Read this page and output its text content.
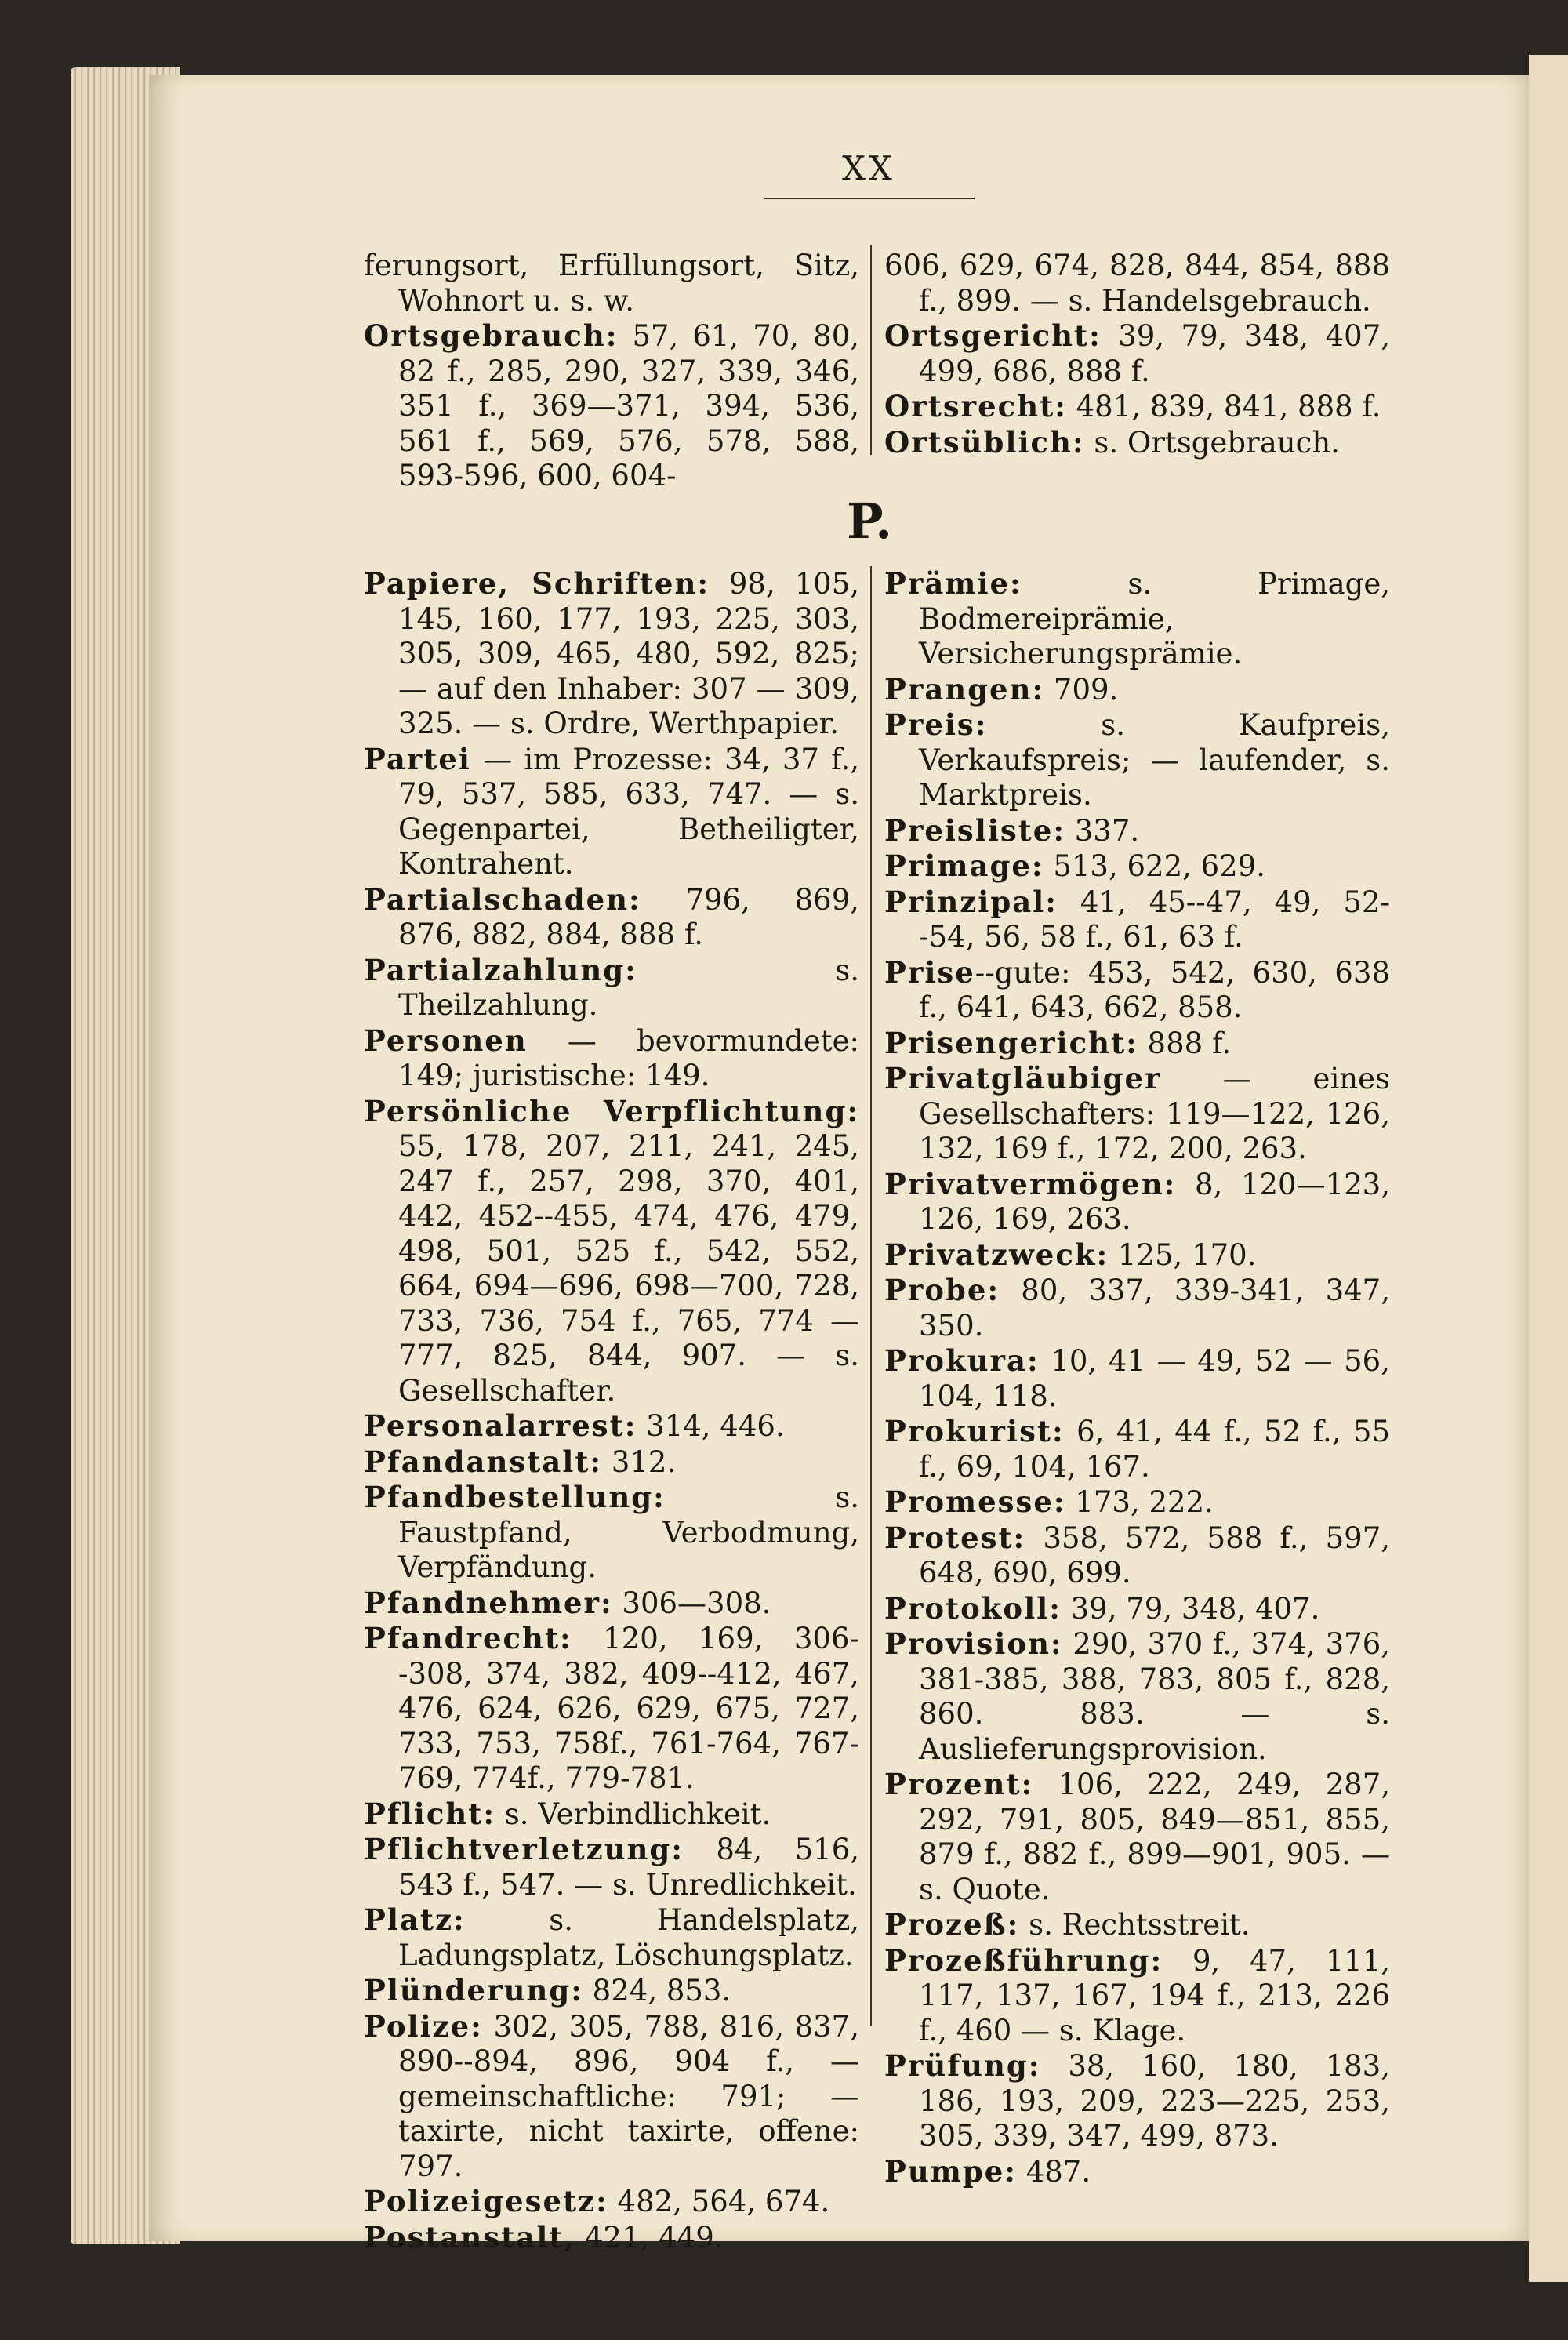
XX
ferungsort, Erfüllungsort, Sitz, Wohnort u. s. w.
Ortsgebrauch: 57, 61, 70, 80, 82 f., 285, 290, 327, 339, 346, 351 f., 369—371, 394, 536, 561 f., 569, 576, 578, 588, 593-596, 600, 604-
606, 629, 674, 828, 844, 854, 888 f., 899. — s. Handelsgebrauch.
Ortsgericht: 39, 79, 348, 407, 499, 686, 888 f.
Ortsrecht: 481, 839, 841, 888 f.
Ortsüblich: s. Ortsgebrauch.
P.
Papiere, Schriften: 98, 105, 145, 160, 177, 193, 225, 303, 305, 309, 465, 480, 592, 825; — auf den Inhaber: 307 — 309, 325. — s. Ordre, Werthpapier.
Partei — im Prozesse: 34, 37 f., 79, 537, 585, 633, 747. — s. Gegenpartei, Betheiligter, Kontrahent.
Partialschaden: 796, 869, 876, 882, 884, 888 f.
Partialzahlung: s. Theilzahlung.
Personen — bevormundete: 149; juristische: 149.
Persönliche Verpflichtung: 55, 178, 207, 211, 241, 245, 247 f., 257, 298, 370, 401, 442, 452--455, 474, 476, 479, 498, 501, 525 f., 542, 552, 664, 694—696, 698—700, 728, 733, 736, 754 f., 765, 774 — 777, 825, 844, 907. — s. Gesellschafter.
Personalarrest: 314, 446.
Pfandanstalt: 312.
Pfandbestellung: s. Faustpfand, Verbodmung, Verpfändung.
Pfandnehmer: 306—308.
Pfandrecht: 120, 169, 306--308, 374, 382, 409--412, 467, 476, 624, 626, 629, 675, 727, 733, 753, 758f., 761-764, 767-769, 774f., 779-781.
Pflicht: s. Verbindlichkeit.
Pflichtverletzung: 84, 516, 543 f., 547. — s. Unredlichkeit.
Platz: s. Handelsplatz, Ladungsplatz, Löschungsplatz.
Plünderung: 824, 853.
Polize: 302, 305, 788, 816, 837, 890--894, 896, 904 f., — gemeinschaftliche: 791; — taxirte, nicht taxirte, offene: 797.
Polizeigesetz: 482, 564, 674.
Postanstalt, 421, 449.
Prämie: s. Primage, Bodmereiprämie, Versicherungsprämie.
Prangen: 709.
Preis: s. Kaufpreis, Verkaufspreis; — laufender, s. Marktpreis.
Preisliste: 337.
Primage: 513, 622, 629.
Prinzipal: 41, 45--47, 49, 52--54, 56, 58 f., 61, 63 f.
Prise--gute: 453, 542, 630, 638 f., 641, 643, 662, 858.
Prisengericht: 888 f.
Privatgläubiger — eines Gesellschafters: 119—122, 126, 132, 169 f., 172, 200, 263.
Privatvermögen: 8, 120—123, 126, 169, 263.
Privatzweck: 125, 170.
Probe: 80, 337, 339-341, 347, 350.
Prokura: 10, 41 — 49, 52 — 56, 104, 118.
Prokurist: 6, 41, 44 f., 52 f., 55 f., 69, 104, 167.
Promesse: 173, 222.
Protest: 358, 572, 588 f., 597, 648, 690, 699.
Protokoll: 39, 79, 348, 407.
Provision: 290, 370 f., 374, 376, 381-385, 388, 783, 805 f., 828, 860. 883. — s. Auslieferungsprovision.
Prozent: 106, 222, 249, 287, 292, 791, 805, 849—851, 855, 879 f., 882 f., 899—901, 905. — s. Quote.
Prozeß: s. Rechtsstreit.
Prozeßführung: 9, 47, 111, 117, 137, 167, 194 f., 213, 226 f., 460 — s. Klage.
Prüfung: 38, 160, 180, 183, 186, 193, 209, 223—225, 253, 305, 339, 347, 499, 873.
Pumpe: 487.
